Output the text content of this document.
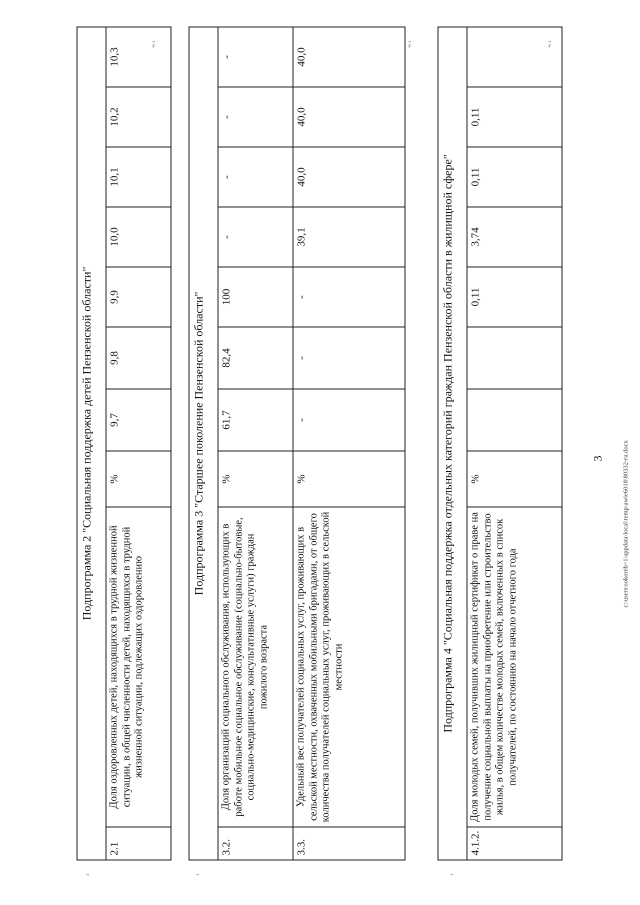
3	c:\users\sokoreb~1\appdata\local\temp\awie6018\80332-ru.docx
ª¹ ²	ª¹ ²	ª¹ ²
³	³	³
Подпрограмма 2 "Социальная поддержка детей Пензенской области"
2.1	Доля оздоровленных детей, находящихся в трудной жизненной ситуации, в общей численности детей, находящихся в трудной жизненной ситуации, подлежащих оздоровлению	%	9,7	9,8	9,9	10,0	10,1	10,2	10,3
Подпрограмма 3 "Старшее поколение Пензенской области"									
3.2.	Доля организаций социального обслуживания, использующих в работе мобильное социальное обслуживание (социально-бытовые, социально-медицинские, консультативные услуги) граждан пожилого возраста	%	61,7	82,4	100	-	-	-	-
3.3.	Удельный вес получателей социальных услуг, проживающих в сельской местности, охваченных мобильными бригадами, от общего количества получателей социальных услуг, проживающих в сельской местности	%	-	-	-	39,1	40,0	40,0	40,0
Подпрограмма 4 "Социальная поддержка отдельных категорий граждан Пензенской области в жилищной сфере"
4.1.2.	Доля молодых семей, получивших жилищный сертификат о праве на получение социальной выплаты на приобретение или строительство жилья, в общем количестве молодых семей, включенных в список получателей, по состоянию на начало отчетного года	%			0,11	3,74	0,11	0,11	
